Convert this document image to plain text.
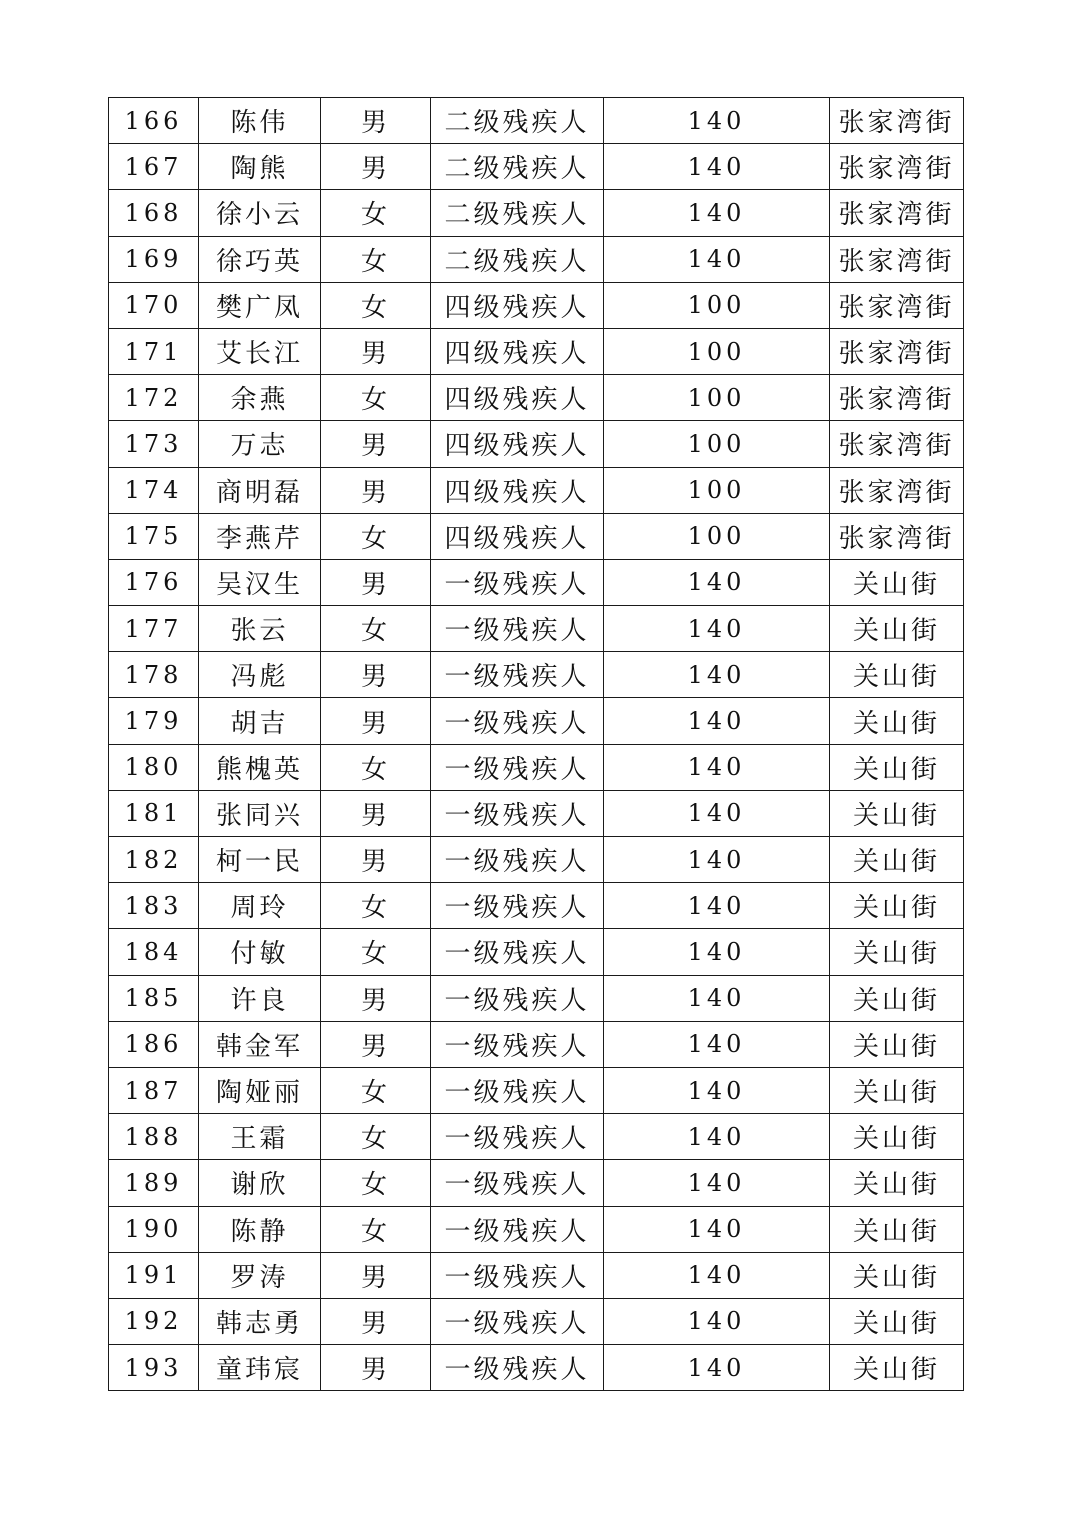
166	陈伟	男	二级残疾人	140	张家湾街
167	陶熊	男	二级残疾人	140	张家湾街
168	徐小云	女	二级残疾人	140	张家湾街
169	徐巧英	女	二级残疾人	140	张家湾街
170	樊广凤	女	四级残疾人	100	张家湾街
171	艾长江	男	四级残疾人	100	张家湾街
172	余燕	女	四级残疾人	100	张家湾街
173	万志	男	四级残疾人	100	张家湾街
174	商明磊	男	四级残疾人	100	张家湾街
175	李燕芹	女	四级残疾人	100	张家湾街
176	吴汉生	男	一级残疾人	140	关山街
177	张云	女	一级残疾人	140	关山街
178	冯彪	男	一级残疾人	140	关山街
179	胡吉	男	一级残疾人	140	关山街
180	熊槐英	女	一级残疾人	140	关山街
181	张同兴	男	一级残疾人	140	关山街
182	柯一民	男	一级残疾人	140	关山街
183	周玲	女	一级残疾人	140	关山街
184	付敏	女	一级残疾人	140	关山街
185	许良	男	一级残疾人	140	关山街
186	韩金军	男	一级残疾人	140	关山街
187	陶娅丽	女	一级残疾人	140	关山街
188	王霜	女	一级残疾人	140	关山街
189	谢欣	女	一级残疾人	140	关山街
190	陈静	女	一级残疾人	140	关山街
191	罗涛	男	一级残疾人	140	关山街
192	韩志勇	男	一级残疾人	140	关山街
193	童玮宸	男	一级残疾人	140	关山街
